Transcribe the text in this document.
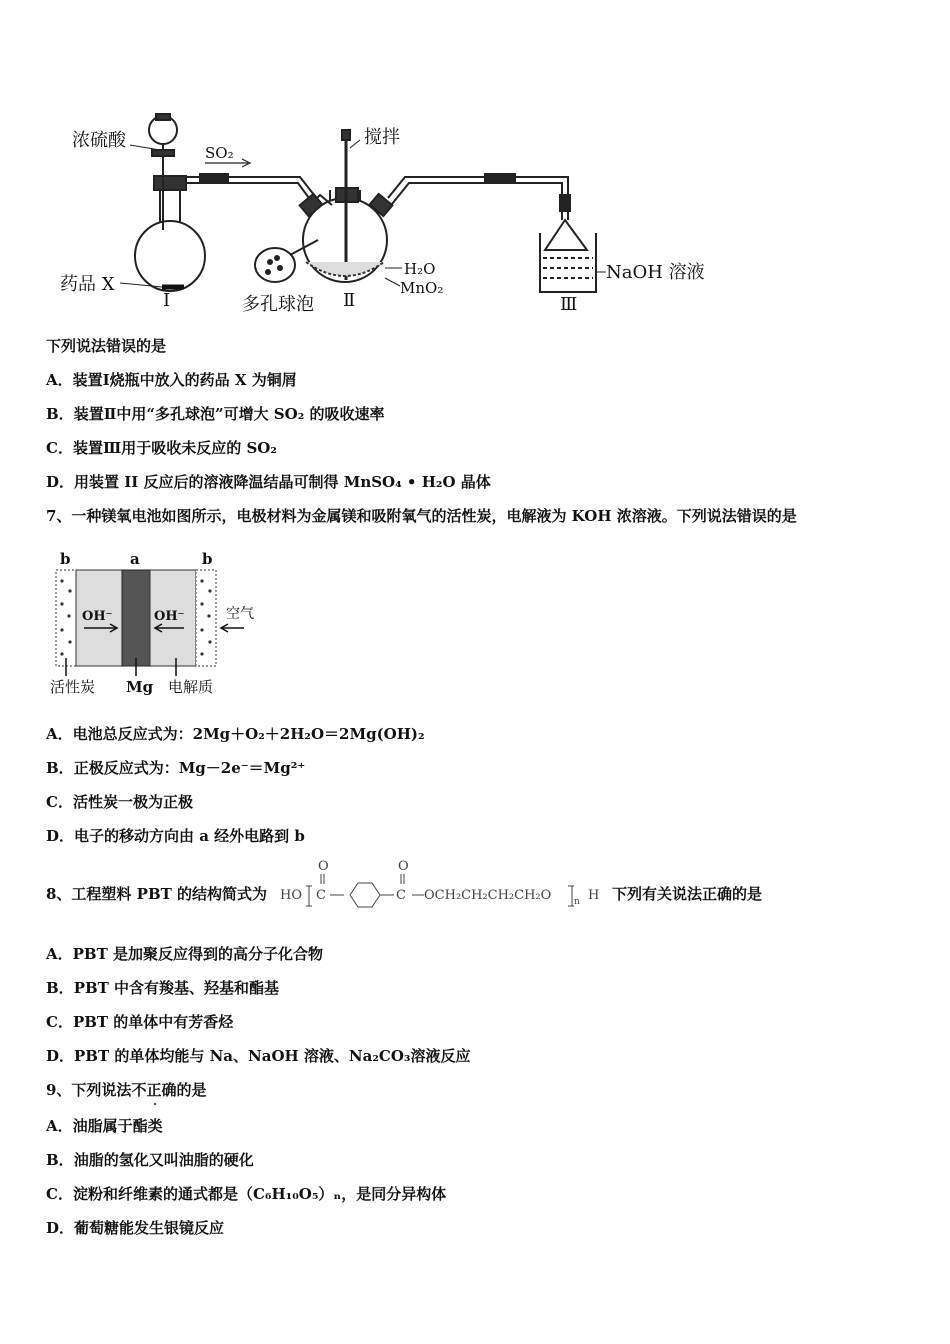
浓硫酸
SO₂
搅拌
药品 X
Ⅰ	Ⅱ	Ⅲ
H₂O
MnO₂
多孔球泡
NaOH 溶液
下列说法错误的是
A．装置Ⅰ烧瓶中放入的药品 X 为铜屑
B．装置Ⅱ中用“多孔球泡”可增大 SO₂ 的吸收速率
C．装置Ⅲ用于吸收未反应的 SO₂
D．用装置 II 反应后的溶液降温结晶可制得 MnSO₄ • H₂O 晶体
7、一种镁氧电池如图所示，电极材料为金属镁和吸附氧气的活性炭，电解液为 KOH 浓溶液。下列说法错误的是
b	a	b
OH⁻	OH⁻	空气
活性炭 Mg 电解质
A．电池总反应式为：2Mg＋O₂＋2H₂O＝2Mg(OH)₂
B．正极反应式为：Mg－2e⁻＝Mg²⁺
C．活性炭一极为正极
D．电子的移动方向由 a 经外电路到 b
8、工程塑料 PBT 的结构简式为 HO C
O
C
O
OCH₂CH₂CH₂CH₂O	n H 下列有关说法正确的是
A．PBT 是加聚反应得到的高分子化合物
B．PBT 中含有羧基、羟基和酯基
C．PBT 的单体中有芳香烃
D．PBT 的单体均能与 Na、NaOH 溶液、Na₂CO₃溶液反应
9、下列说法不正确的是
A．油脂属于酯类
B．油脂的氢化又叫油脂的硬化
C．淀粉和纤维素的通式都是（C₆H₁₀O₅）ₙ，是同分异构体
D．葡萄糖能发生银镜反应
